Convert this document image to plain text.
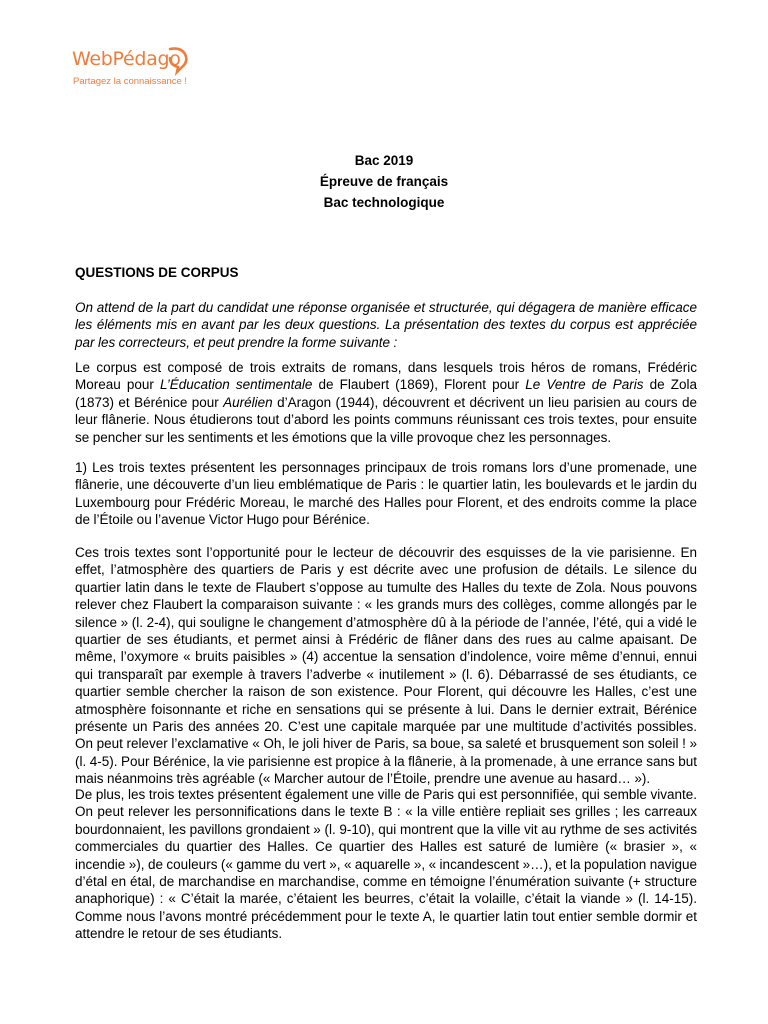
WebPédago
Partagez la connaissance !
Bac 2019
Épreuve de français
Bac technologique
QUESTIONS DE CORPUS

On attend de la part du candidat une réponse organisée et structurée, qui dégagera de manière efficace les éléments mis en avant par les deux questions. La présentation des textes du corpus est appréciée par les correcteurs, et peut prendre la forme suivante :

Le corpus est composé de trois extraits de romans, dans lesquels trois héros de romans, Frédéric Moreau pour L’Éducation sentimentale de Flaubert (1869), Florent pour Le Ventre de Paris de Zola (1873) et Bérénice pour Aurélien d’Aragon (1944), découvrent et décrivent un lieu parisien au cours de leur flânerie. Nous étudierons tout d’abord les points communs réunissant ces trois textes, pour ensuite se pencher sur les sentiments et les émotions que la ville provoque chez les personnages.

1) Les trois textes présentent les personnages principaux de trois romans lors d’une promenade, une flânerie, une découverte d’un lieu emblématique de Paris : le quartier latin, les boulevards et le jardin du Luxembourg pour Frédéric Moreau, le marché des Halles pour Florent, et des endroits comme la place de l’Étoile ou l’avenue Victor Hugo pour Bérénice.

Ces trois textes sont l’opportunité pour le lecteur de découvrir des esquisses de la vie parisienne. En effet, l’atmosphère des quartiers de Paris y est décrite avec une profusion de détails. Le silence du quartier latin dans le texte de Flaubert s’oppose au tumulte des Halles du texte de Zola. Nous pouvons relever chez Flaubert la comparaison suivante : « les grands murs des collèges, comme allongés par le silence » (l. 2-4), qui souligne le changement d’atmosphère dû à la période de l’année, l’été, qui a vidé le quartier de ses étudiants, et permet ainsi à Frédéric de flâner dans des rues au calme apaisant. De même, l’oxymore « bruits paisibles » (4) accentue la sensation d’indolence, voire même d’ennui, ennui qui transparaît par exemple à travers l’adverbe « inutilement » (l. 6). Débarrassé de ses étudiants, ce quartier semble chercher la raison de son existence. Pour Florent, qui découvre les Halles, c’est une atmosphère foisonnante et riche en sensations qui se présente à lui. Dans le dernier extrait, Bérénice présente un Paris des années 20. C’est une capitale marquée par une multitude d’activités possibles. On peut relever l’exclamative « Oh, le joli hiver de Paris, sa boue, sa saleté et brusquement son soleil ! » (l. 4-5). Pour Bérénice, la vie parisienne est propice à la flânerie, à la promenade, à une errance sans but mais néanmoins très agréable (« Marcher autour de l’Étoile, prendre une avenue au hasard… »).

De plus, les trois textes présentent également une ville de Paris qui est personnifiée, qui semble vivante. On peut relever les personnifications dans le texte B : « la ville entière repliait ses grilles ; les carreaux bourdonnaient, les pavillons grondaient » (l. 9-10), qui montrent que la ville vit au rythme de ses activités commerciales du quartier des Halles. Ce quartier des Halles est saturé de lumière (« brasier », « incendie »), de couleurs (« gamme du vert », « aquarelle », « incandescent »…), et la population navigue d’étal en étal, de marchandise en marchandise, comme en témoigne l’énumération suivante (+ structure anaphorique) : « C’était la marée, c’étaient les beurres, c’était la volaille, c’était la viande » (l. 14-15). Comme nous l’avons montré précédemment pour le texte A, le quartier latin tout entier semble dormir et attendre le retour de ses étudiants.
